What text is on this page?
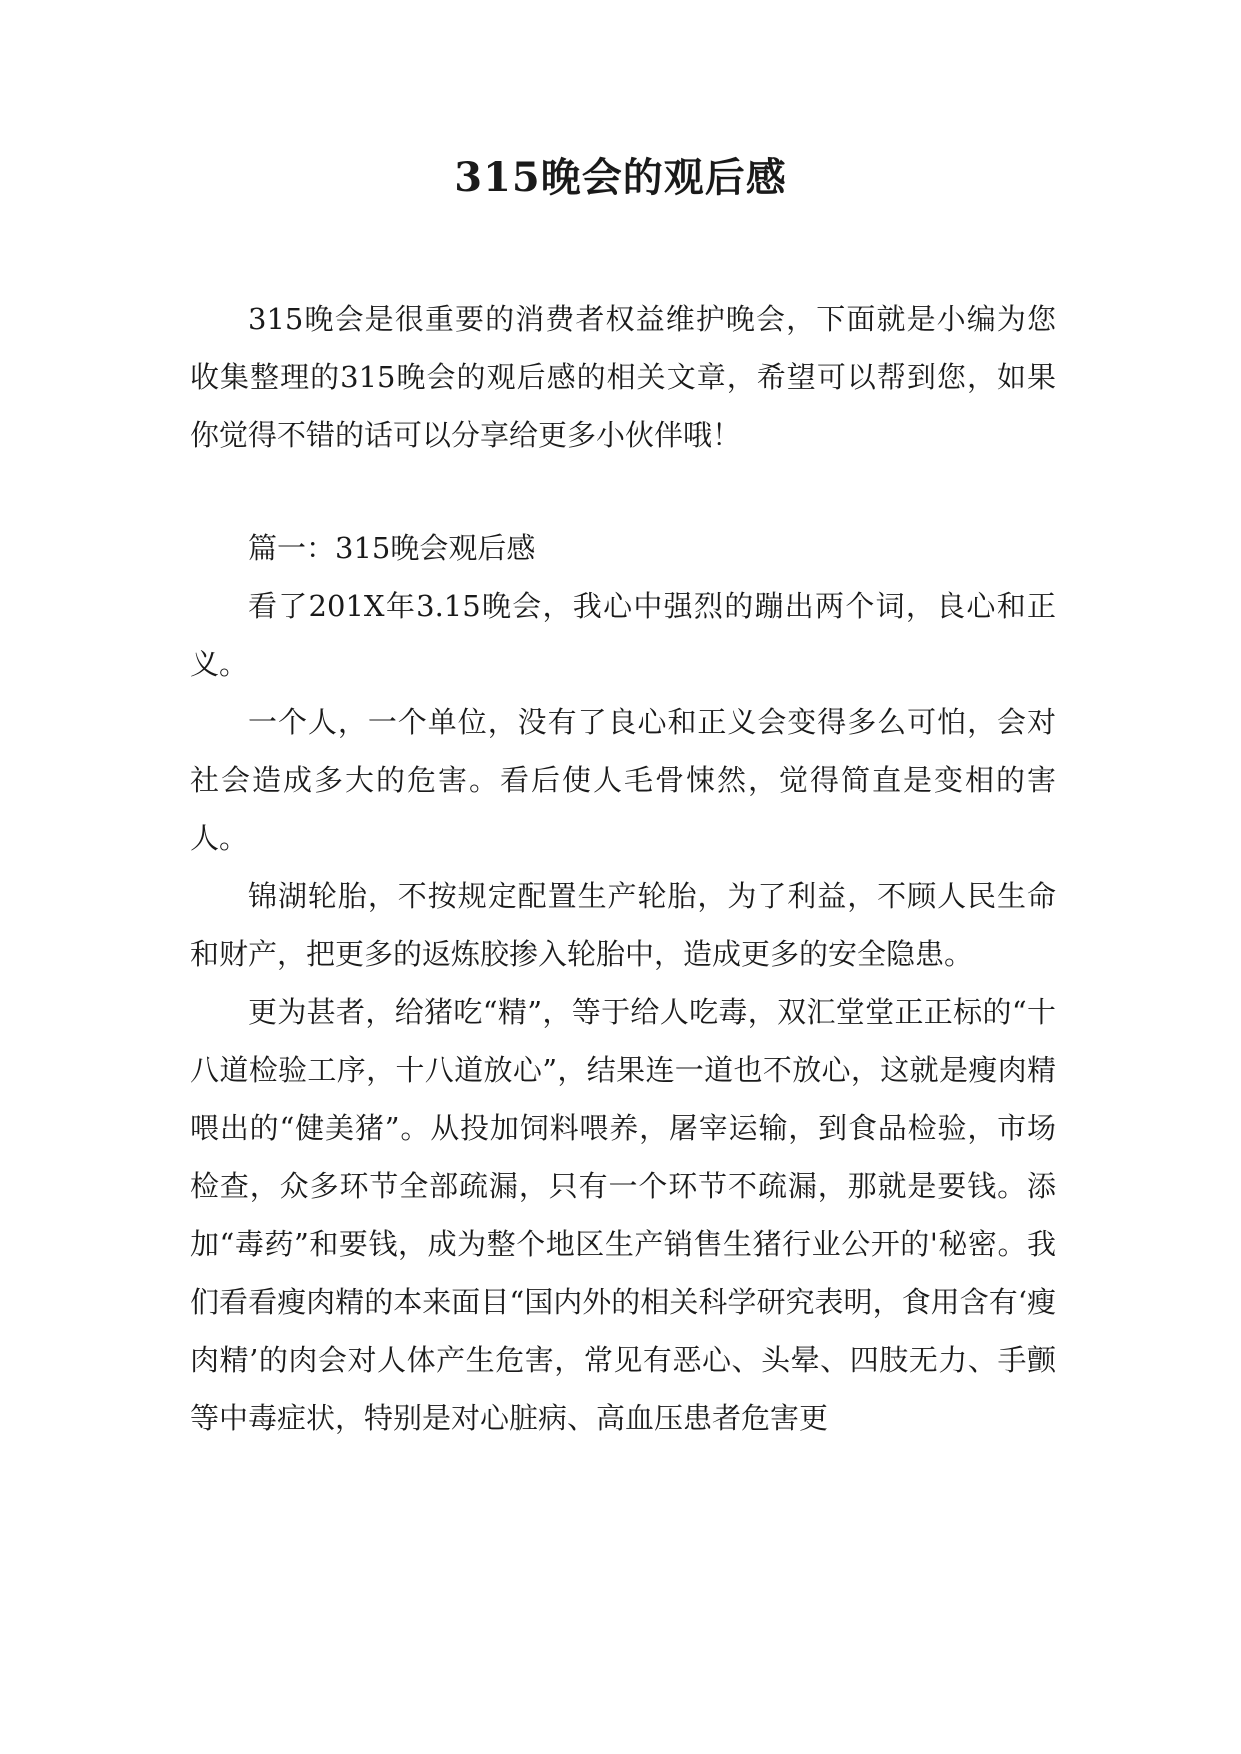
315晚会的观后感

315晚会是很重要的消费者权益维护晚会，下面就是小编为您收集整理的315晚会的观后感的相关文章，希望可以帮到您，如果你觉得不错的话可以分享给更多小伙伴哦！

篇一：315晚会观后感

看了201X年3.15晚会，我心中强烈的蹦出两个词，良心和正义。

一个人，一个单位，没有了良心和正义会变得多么可怕，会对社会造成多大的危害。看后使人毛骨悚然，觉得简直是变相的害人。

锦湖轮胎，不按规定配置生产轮胎，为了利益，不顾人民生命和财产，把更多的返炼胶掺入轮胎中，造成更多的安全隐患。

更为甚者，给猪吃“精”，等于给人吃毒，双汇堂堂正正标的“十八道检验工序，十八道放心”，结果连一道也不放心，这就是瘦肉精喂出的“健美猪”。从投加饲料喂养，屠宰运输，到食品检验，市场检查，众多环节全部疏漏，只有一个环节不疏漏，那就是要钱。添加“毒药”和要钱，成为整个地区生产销售生猪行业公开的'秘密。我们看看瘦肉精的本来面目“国内外的相关科学研究表明，食用含有‘瘦肉精’的肉会对人体产生危害，常见有恶心、头晕、四肢无力、手颤等中毒症状，特别是对心脏病、高血压患者危害更
